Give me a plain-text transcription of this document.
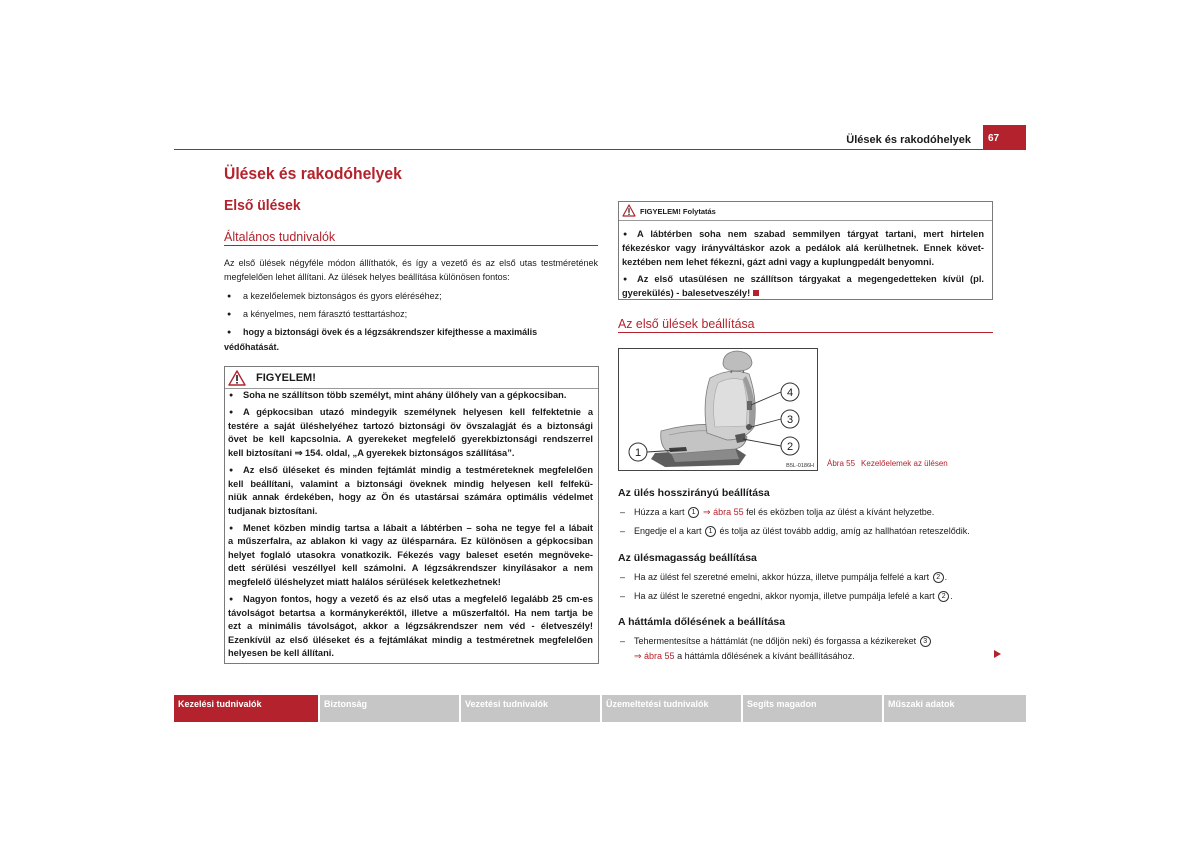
Ülések és rakodóhelyek	67
Ülések és rakodóhelyek
Első ülések
Általános tudnivalók
Az első ülések négyféle módon állíthatók, és így a vezető és az első utas testméretének
megfelelően lehet állítani. Az ülések helyes beállítása különösen fontos:
● a kezelőelemek biztonságos és gyors eléréséhez;
● a kényelmes, nem fárasztó testtartáshoz;
● hogy a biztonsági övek és a légzsákrendszer kifejthesse a maximális
védőhatását.
FIGYELEM!
● Soha ne szállítson több személyt, mint ahány ülőhely van a gépkocsiban.
● A gépkocsiban utazó mindegyik személynek helyesen kell felfektetnie a
testére a saját üléshelyéhez tartozó biztonsági öv övszalagját és a biztonsági
övet be kell kapcsolnia. A gyerekeket megfelelő gyerekbiztonsági rendszerrel
kell biztosítani ⇒ 154. oldal, „A gyerekek biztonságos szállítása”.
● Az első üléseket és minden fejtámlát mindig a testméreteknek megfelelően
kell beállítani, valamint a biztonsági öveknek mindig helyesen kell felfekü-
niük annak érdekében, hogy az Ön és utastársai számára optimális védelmet
tudjanak biztosítani.
● Menet közben mindig tartsa a lábait a lábtérben – soha ne tegye fel a lábait
a műszerfalra, az ablakon ki vagy az ülésparnára. Ez különösen a gépkocsiban
helyet foglaló utasokra vonatkozik. Fékezés vagy baleset esetén megnöveke-
dett sérülési veszéllyel kell számolni. A légzsákrendszer kinyílásakor a nem
megfelelő üléshelyzet miatt halálos sérülések keletkezhetnek!
● Nagyon fontos, hogy a vezető és az első utas a megfelelő legalább 25 cm-es
távolságot betartsa a kormánykeréktől, illetve a műszerfaltól. Ha nem tartja be
ezt a minimális távolságot, akkor a légzsákrendszer nem véd - életveszély!
Ezenkívül az első üléseket és a fejtámlákat mindig a testméretnek megfelelően
helyesen be kell állítani.
FIGYELEM! Folytatás
● A lábtérben soha nem szabad semmilyen tárgyat tartani, mert hirtelen
fékezéskor vagy irányváltáskor azok a pedálok alá kerülhetnek. Ennek követ-
keztében nem lehet fékezni, gázt adni vagy a kuplungpedált benyomni.
● Az első utasülésen ne szállítson tárgyakat a megengedetteken kívül (pl.
gyerekülés) - balesetveszély!
Az első ülések beállítása
1	2
3
4
B5L-0186H Ábra 55 Kezelőelemek az ülésen
Az ülés hosszirányú beállítása
– Húzza a kart 1 ⇒ ábra 55 fel és eközben tolja az ülést a kívánt helyzetbe.
– Engedje el a kart 1 és tolja az ülést tovább addig, amíg az hallhatóan reteszelődik.
Az ülésmagasság beállítása
– Ha az ülést fel szeretné emelni, akkor húzza, illetve pumpálja felfelé a kart 2 .
– Ha az ülést le szeretné engedni, akkor nyomja, illetve pumpálja lefelé a kart 2 .
A háttámla dőlésének a beállítása
– Tehermentesítse a háttámlát (ne dőljön neki) és forgassa a kézikereket 3
⇒ ábra 55 a háttámla dőlésének a kívánt beállításához.
Kezelési tudnivalók	Biztonság	Vezetési tudnivalók	Üzemeltetési tudnivalók	Segíts magadon	Műszaki adatok
